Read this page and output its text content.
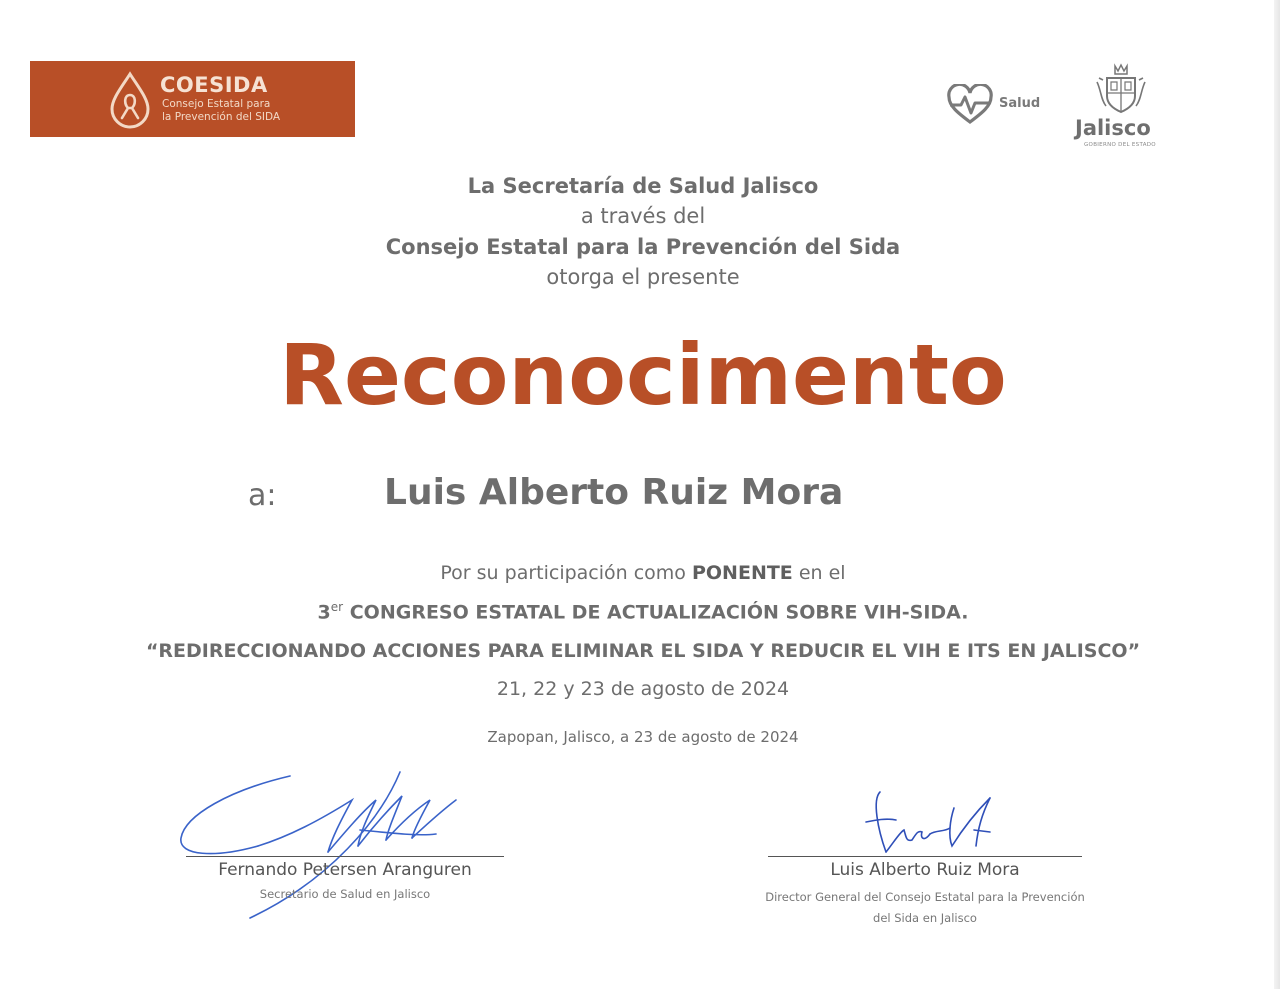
COESIDA
Consejo Estatal para
la Prevención del SIDA
Salud
Jalisco
GOBIERNO DEL ESTADO
La Secretaría de Salud Jalisco
a través del
Consejo Estatal para la Prevención del Sida
otorga el presente
Reconocimento
a:	Luis Alberto Ruiz Mora
Por su participación como PONENTE en el
3er CONGRESO ESTATAL DE ACTUALIZACIÓN SOBRE VIH-SIDA.
“REDIRECCIONANDO ACCIONES PARA ELIMINAR EL SIDA Y REDUCIR EL VIH E ITS EN JALISCO”
21, 22 y 23 de agosto de 2024
Zapopan, Jalisco, a 23 de agosto de 2024
Fernando Petersen Aranguren
Secretario de Salud en Jalisco
Luis Alberto Ruiz Mora
Director General del Consejo Estatal para la Prevención
del Sida en Jalisco
